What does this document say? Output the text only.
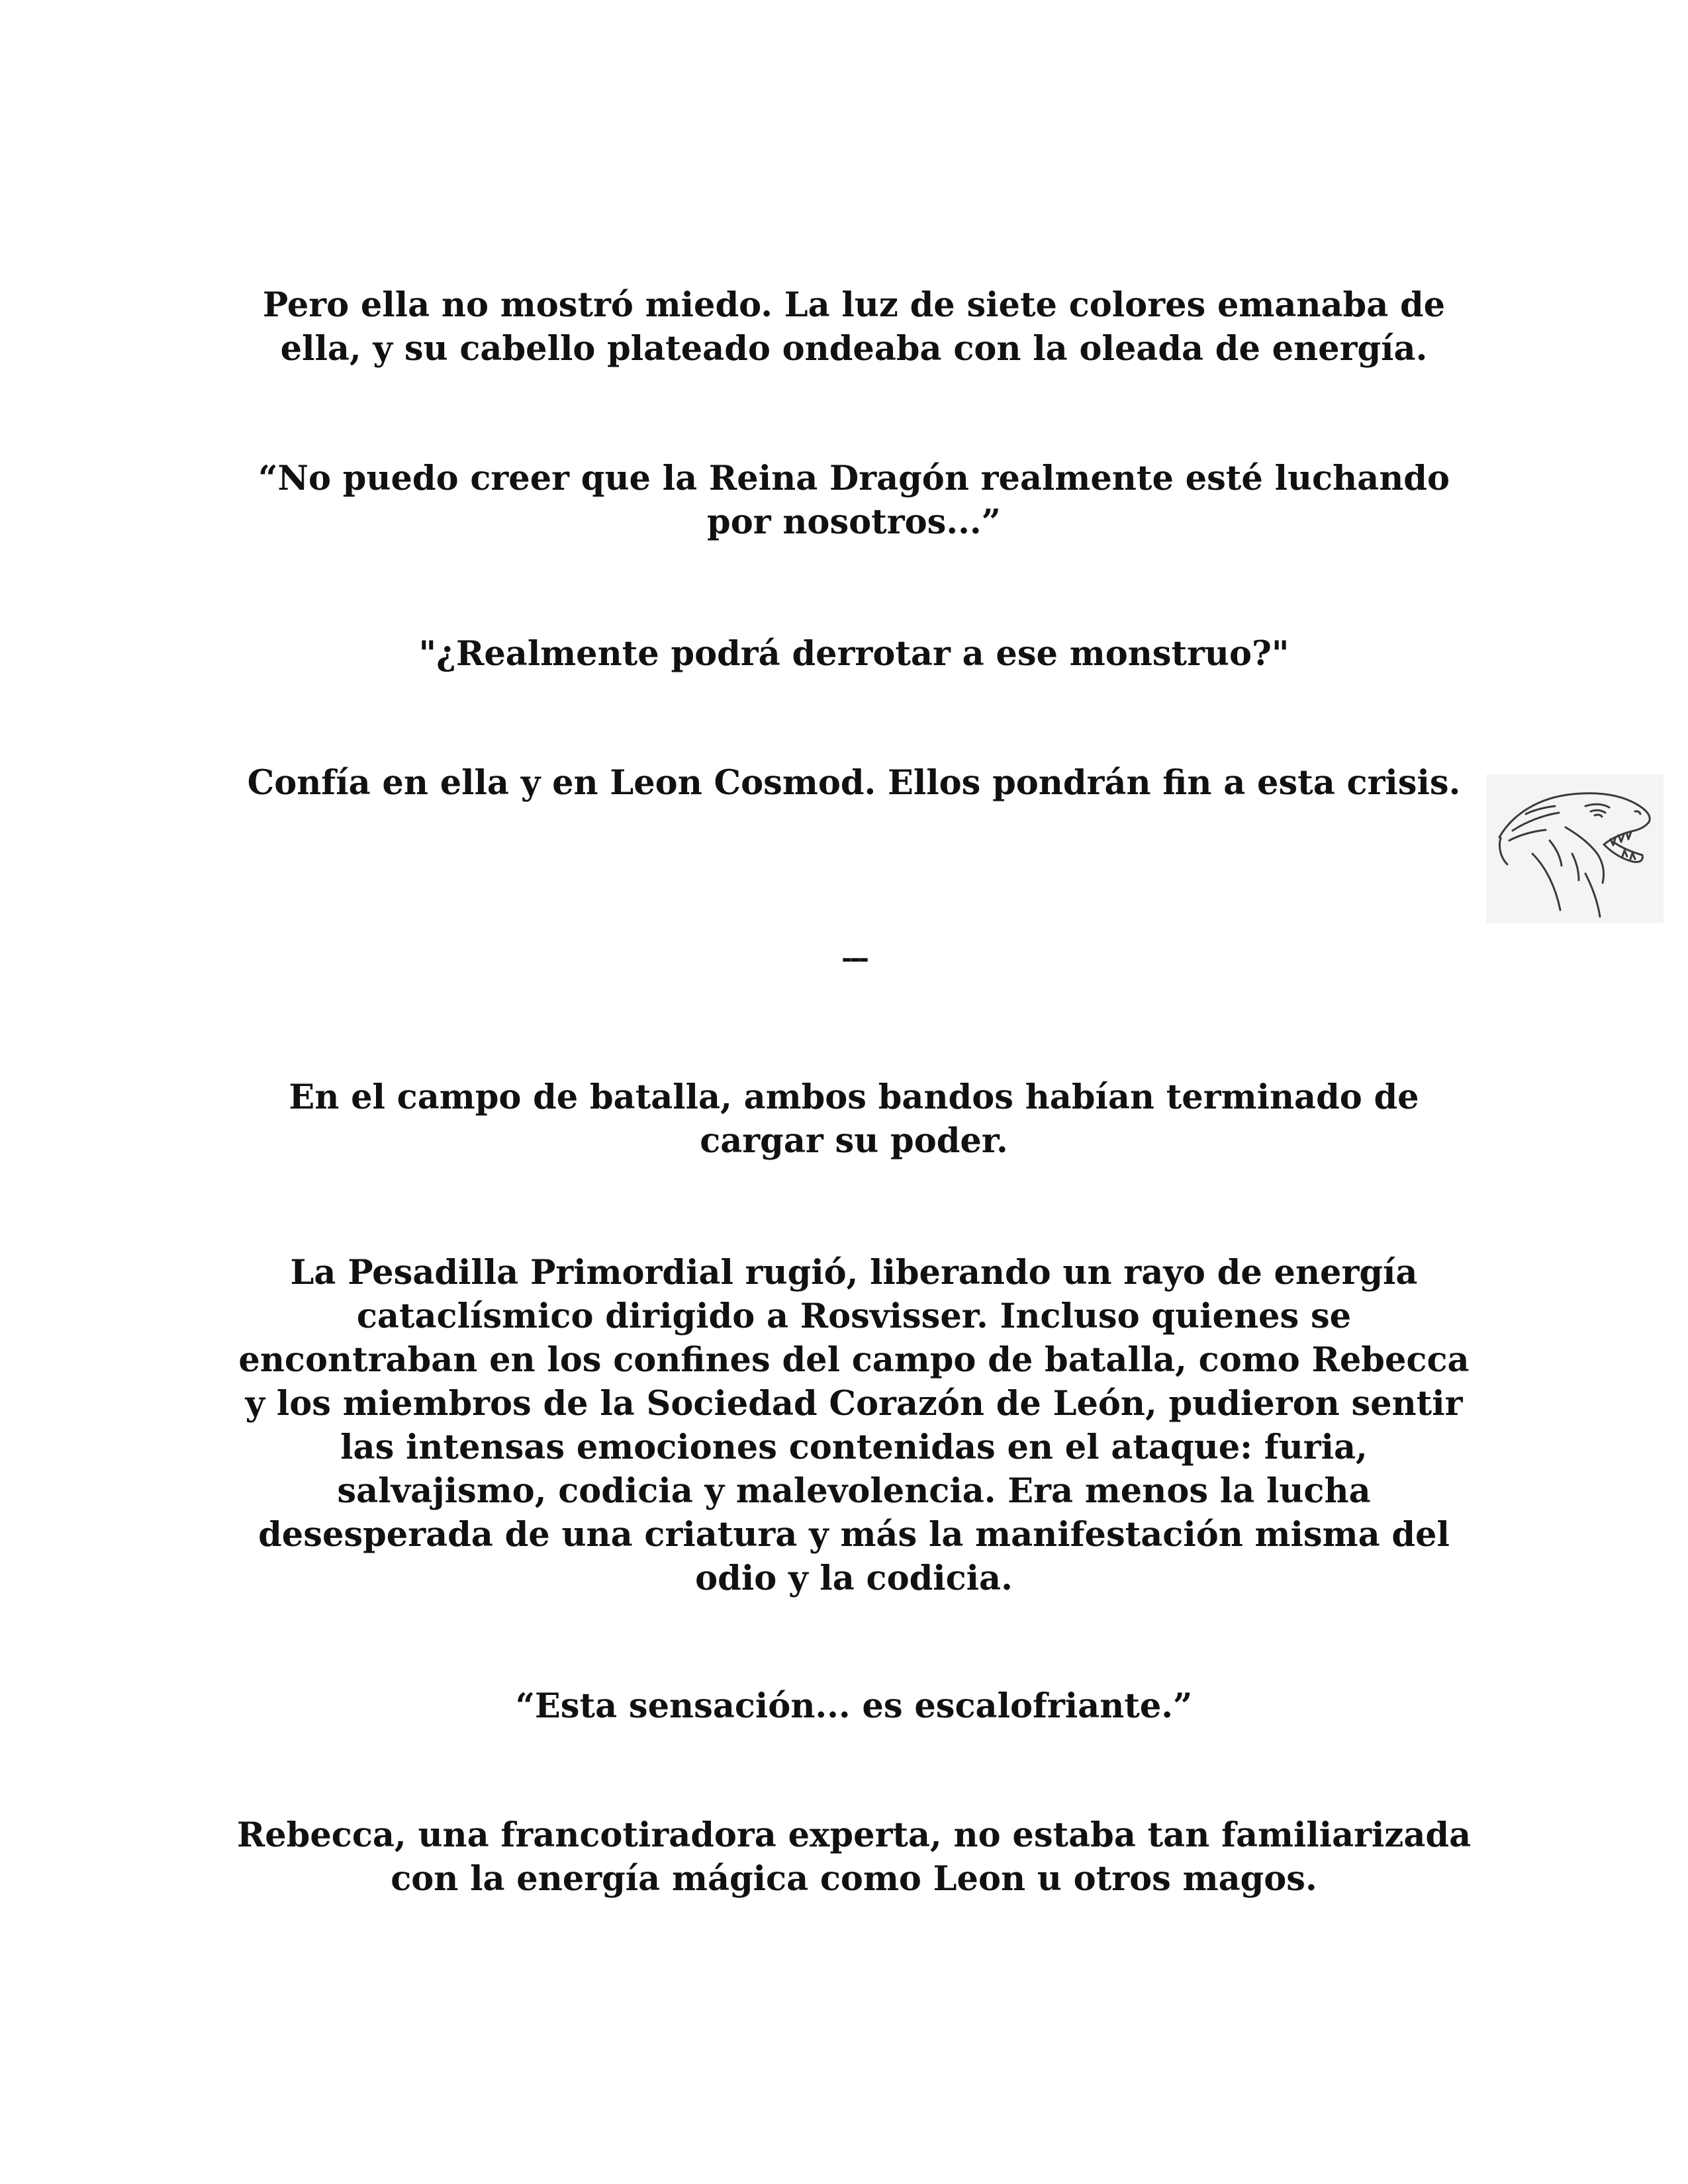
Pero ella no mostró miedo. La luz de siete colores emanaba de ella, y su cabello plateado ondeaba con la oleada de energía.

“No puedo creer que la Reina Dragón realmente esté luchando por nosotros...”

"¿Realmente podrá derrotar a ese monstruo?"

Confía en ella y en Leon Cosmod. Ellos pondrán fin a esta crisis.

---

En el campo de batalla, ambos bandos habían terminado de cargar su poder.

La Pesadilla Primordial rugió, liberando un rayo de energía cataclísmico dirigido a Rosvisser. Incluso quienes se encontraban en los confines del campo de batalla, como Rebecca y los miembros de la Sociedad Corazón de León, pudieron sentir las intensas emociones contenidas en el ataque: furia, salvajismo, codicia y malevolencia. Era menos la lucha desesperada de una criatura y más la manifestación misma del odio y la codicia.

“Esta sensación... es escalofriante.”

Rebecca, una francotiradora experta, no estaba tan familiarizada con la energía mágica como Leon u otros magos.
